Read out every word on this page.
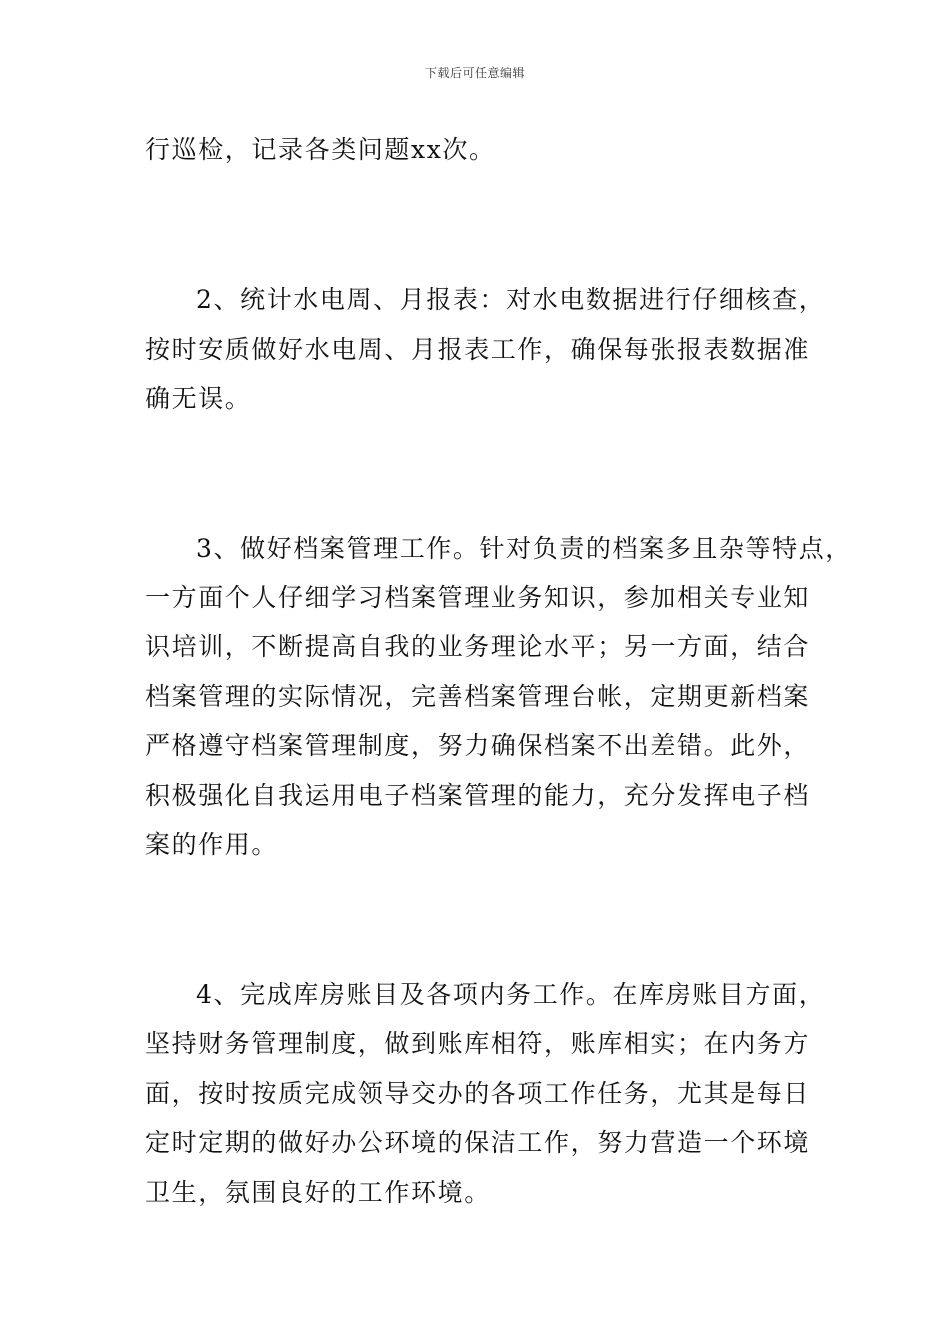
下载后可任意编辑
行巡检，记录各类问题xx次。
2、统计水电周、月报表：对水电数据进行仔细核查，
按时安质做好水电周、月报表工作，确保每张报表数据准
确无误。
3、做好档案管理工作。针对负责的档案多且杂等特点，
一方面个人仔细学习档案管理业务知识，参加相关专业知
识培训，不断提高自我的业务理论水平；另一方面，结合
档案管理的实际情况，完善档案管理台帐，定期更新档案
严格遵守档案管理制度，努力确保档案不出差错。此外，
积极强化自我运用电子档案管理的能力，充分发挥电子档
案的作用。
4、完成库房账目及各项内务工作。在库房账目方面，
坚持财务管理制度，做到账库相符，账库相实；在内务方
面，按时按质完成领导交办的各项工作任务，尤其是每日
定时定期的做好办公环境的保洁工作，努力营造一个环境
卫生，氛围良好的工作环境。
